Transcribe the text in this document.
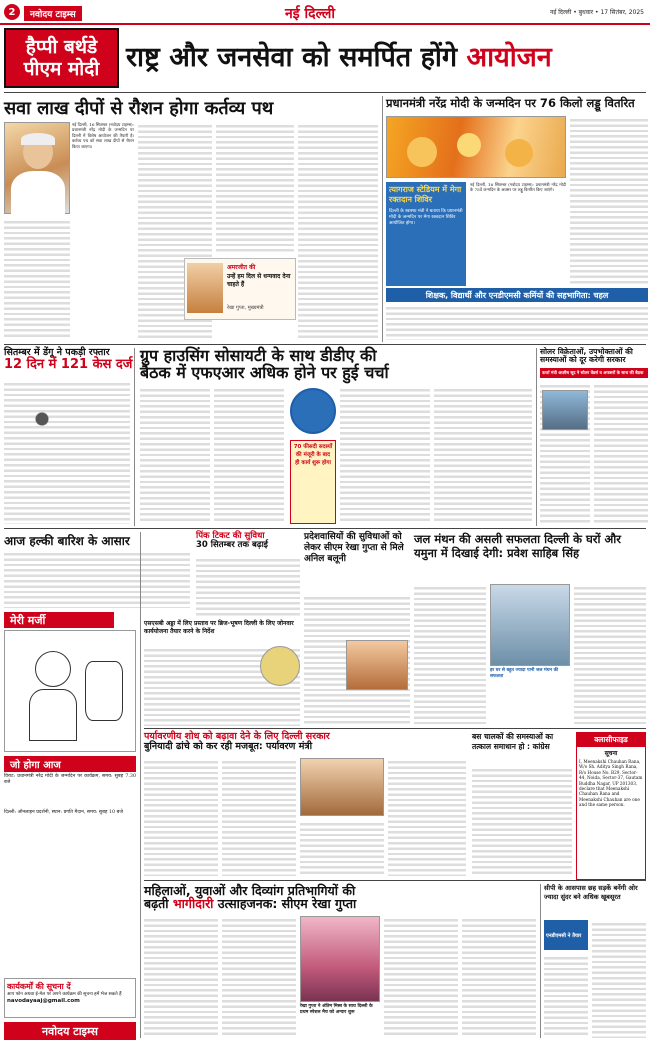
2	नवोदय टाइम्स	नई दिल्ली	नई दिल्ली • बुधवार • 17 सितंबर, 2025
हैप्पी बर्थडे पीएम मोदी राष्ट्र और जनसेवा को समर्पित होंगे आयोजन
सवा लाख दीपों से रौशन होगा कर्तव्य पथ
नई दिल्ली, 16 सितम्बर (नवोदय टाइम्स): प्रधानमंत्री नरेंद्र मोदी के जन्मदिन पर दिल्ली में विशेष आयोजन की तैयारी है। कर्तव्य पथ को सवा लाख दीपों से रौशन किया जाएगा।
अमरजीत की
उन्हें हम दिल से धन्यवाद देना चाहते हैं
रेखा गुप्ता, मुख्यमंत्री
प्रधानमंत्री नरेंद्र मोदी के जन्मदिन पर 76 किलो लड्डू वितरित
त्यागराज स्टेडियम में मेगा रक्तदान शिविर
दिल्ली के स्वास्थ्य मंत्री ने बताया कि प्रधानमंत्री मोदी के जन्मदिन पर मेगा रक्तदान शिविर आयोजित होगा।
नई दिल्ली, 16 सितम्बर (नवोदय टाइम्स): प्रधानमंत्री नरेंद्र मोदी के 75वें जन्मदिन के अवसर पर लड्डू वितरित किए जाएंगे।
शिक्षक, विद्यार्थी और एनडीएमसी कर्मियों की सहभागिता: चहल
सितम्बर में डेंगू ने पकड़ी रफ्तार
12 दिन में 121 केस दर्ज ग्रुप हाउसिंग सोसायटी के साथ डीडीए की
बैठक में एफएआर अधिक होने पर हुई चर्चा
70 फीसदी सदस्यों की मंजूरी के बाद ही कार्य शुरू होगा
सोलर विक्रेताओं, उपभोक्ताओं की
समस्याओं को दूर करेगी सरकार
ऊर्जा मंत्री आशीष सूद ने सोलर वेंडर्स व अफसरों के साथ की बैठक
आज हल्की बारिश के आसार
मेरी मर्जी
जो होगा आज
विराट: प्रधानमंत्री नरेंद्र मोदी के जन्मदिन पर कार्यक्रम, समय: सुबह 7.30 बजे
दिल्ली: ऑनलाइन प्रदर्शनी, स्थान: प्रगति मैदान, समय: सुबह 10 बजे
कार्यकर्मों की सूचना दें
आप फोन अथवा ई-मेल पर अपने कार्यक्रम की सूचना हमें भेज सकते हैं
navodayaaj@gmail.com
नवोदय टाइम्स
पिंक टिकट की सुविधा
30 सितम्बर तक बढ़ाई
एसएसबी अड्डा में लिए प्रस्ताव पर ब्रिज-भूषण दिल्ली के लिए जोनवार कार्ययोजना तैयार करने के निर्देश
प्रदेशवासियों की सुविधाओं को लेकर सीएम रेखा गुप्ता से मिले अनिल बलूनी
जल मंथन की असली सफलता दिल्ली के घरों और यमुना में दिखाई देगी: प्रवेश साहिब सिंह
हर घर से बहुत ज्यादा पानी जल मंथन की सफलता
पर्यावरणीय शोध को बढ़ावा देने के लिए दिल्ली सरकार
बुनियादी ढांचे को कर रही मजबूत: पर्यावरण मंत्री
बस चालकों की समस्याओं का तत्काल समाधान हो : कांग्रेस
क्लासीफाइड
सूचना
I, Meenakshi Chauhan Rana, W/o Sh. Aditya Singh Rana, R/o House No. B29, Sector-44, Noida, Sector-37, Gautam Buddha Nagar, UP 201303, declare that Meenakshi Chauhan Rana and Meenakshi Chauhan are one and the same person.
महिलाओं, युवाओं और दिव्यांग प्रतिभागियों की
बढ़ती भागीदारी उत्साहजनक: सीएम रेखा गुप्ता
रेखा गुप्ता ने अंतिम मिस्त्र के साथ दिल्ली के प्रथम स्पेशल मैच को अन्यार शुरू
सीपी के आसपास छह सड़कें बनेंगी ओर ज्यादा सुंदर बने अधिक खूबसूरत
एनडीएमसी ने तैयार
